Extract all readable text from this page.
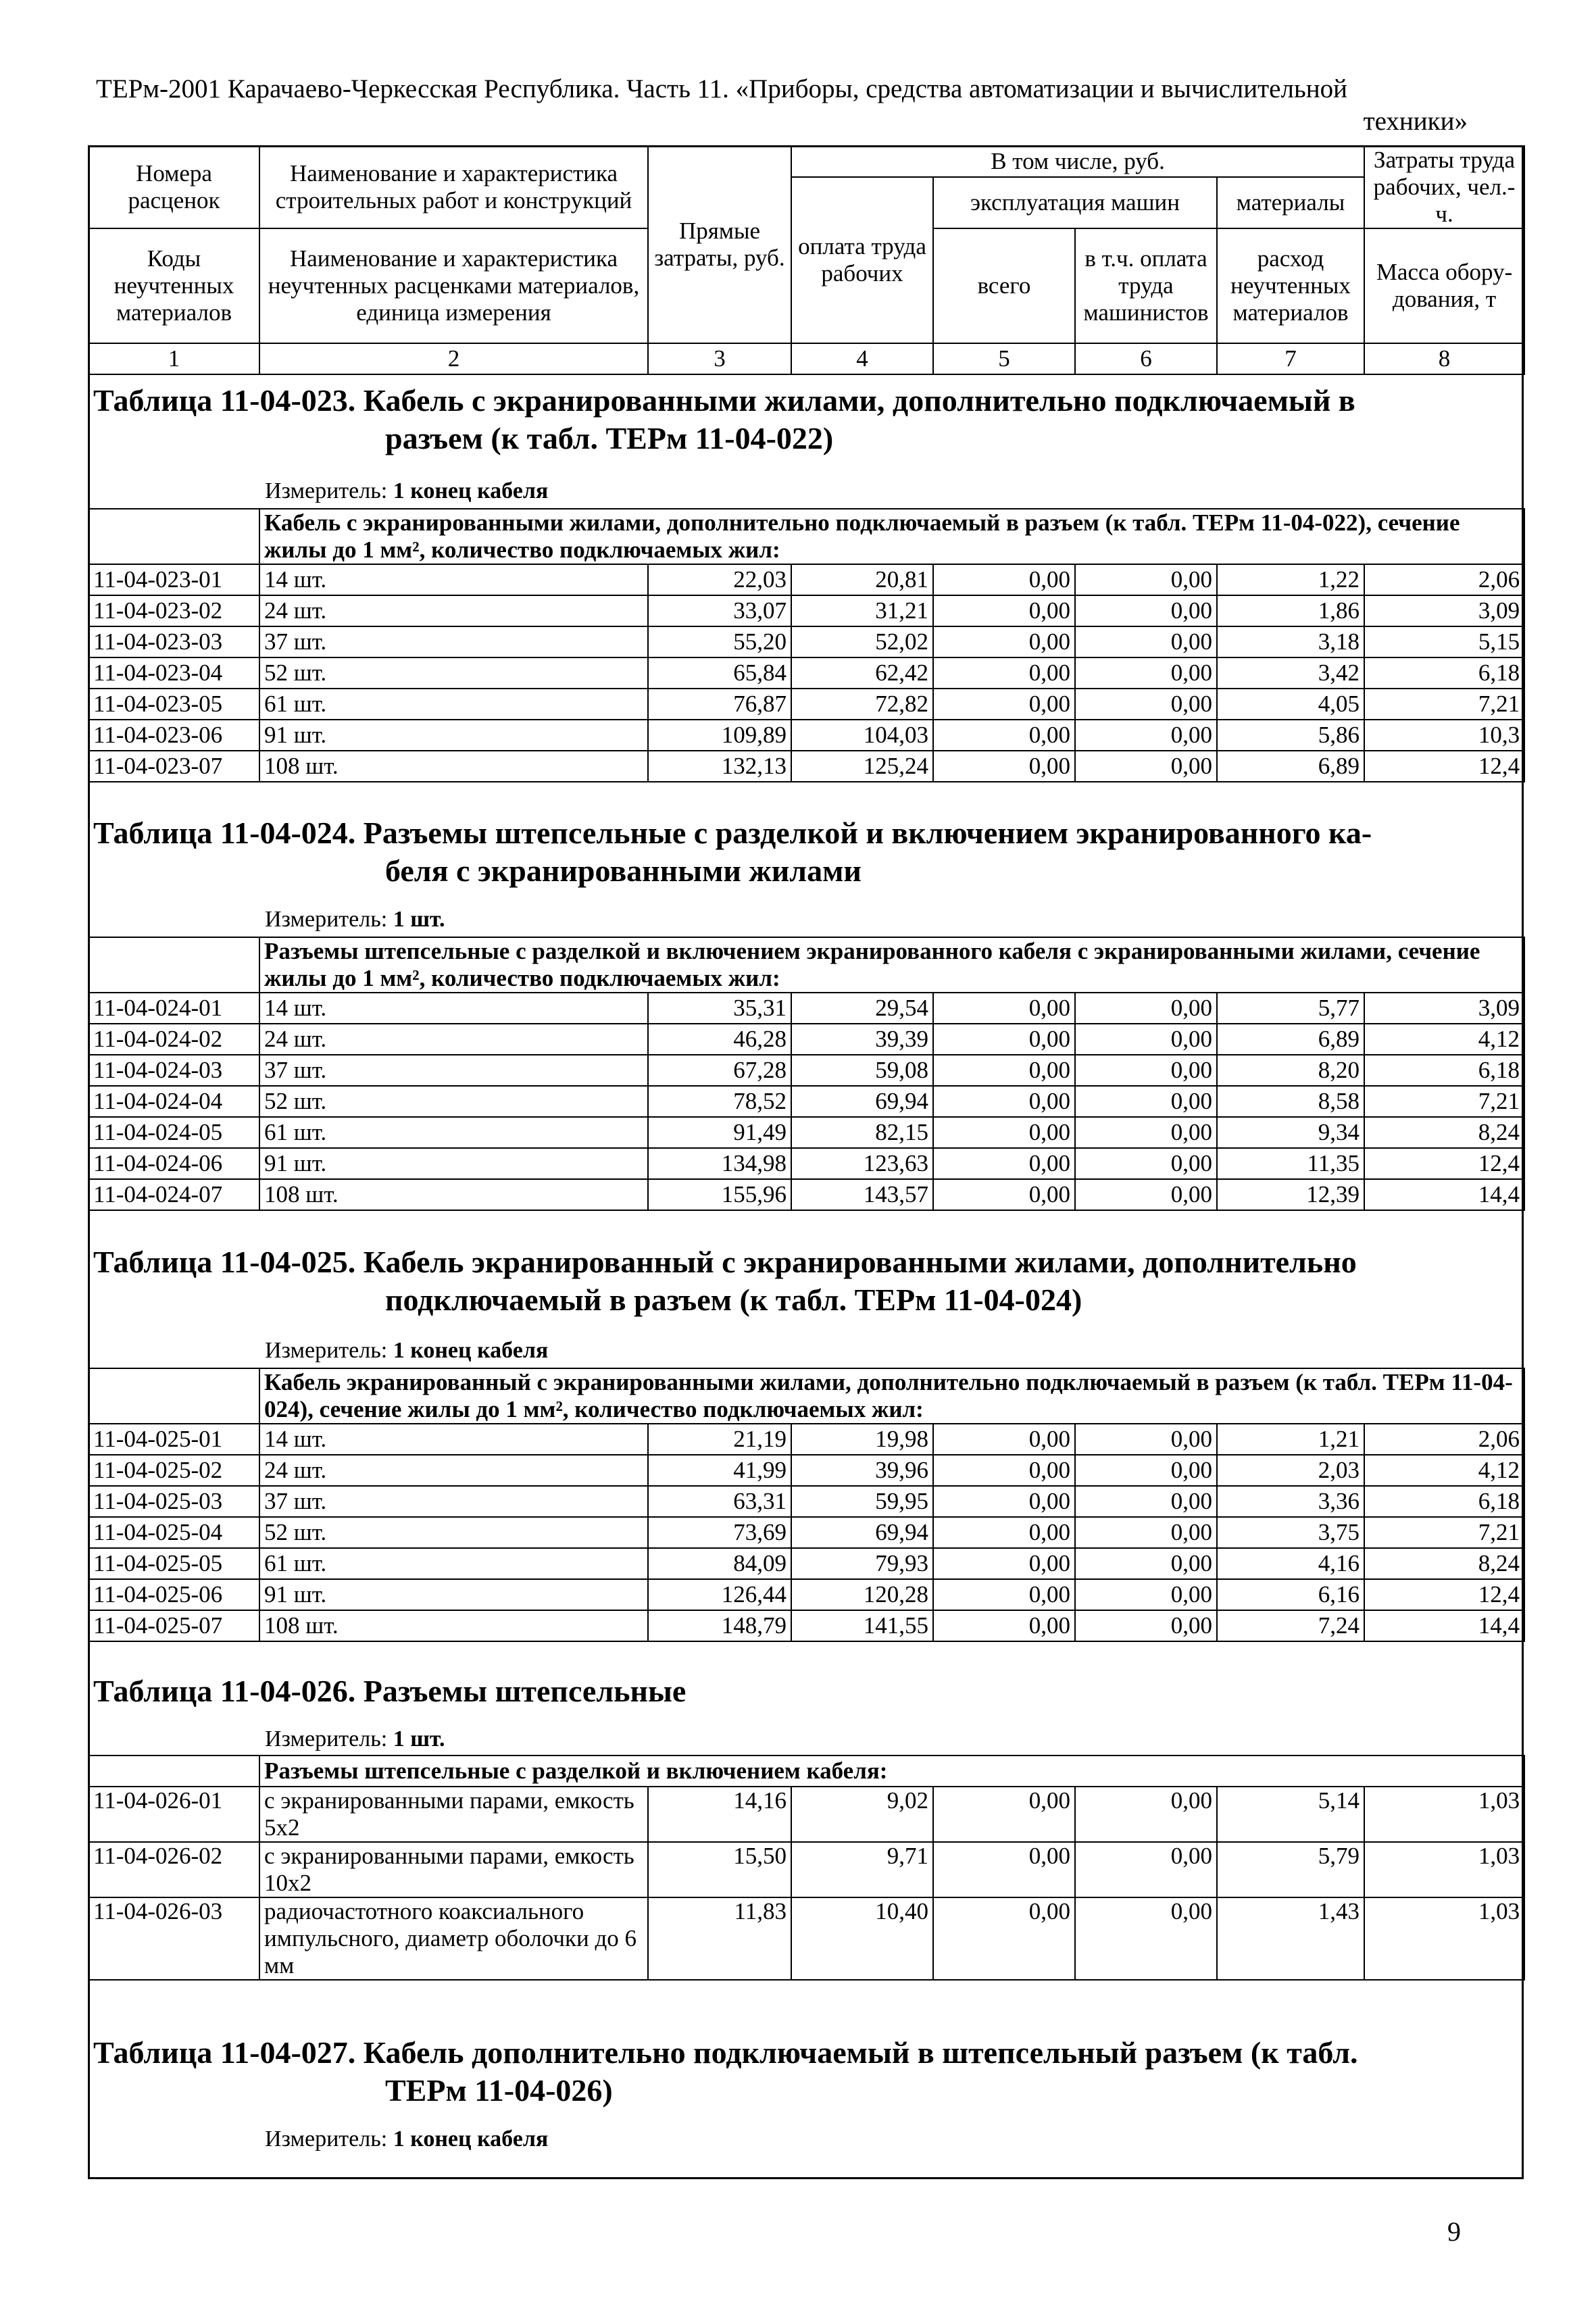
ТЕРм-2001 Карачаево-Черкесская Республика. Часть 11. «Приборы, средства автоматизации и вычислительной
техники»
Номера расценок	Наименование и характеристика строительных работ и конструкций	Прямые затраты, руб.	В том числе, руб.				Затраты труда рабочих, чел.-ч.
			оплата труда рабочих	эксплуатация машин		материалы	
Коды неучтенных материалов	Наименование и характеристика неучтенных расценками материалов, единица измерения			всего	в т.ч. оплата труда машинистов	расход неучтенных материалов	Масса обору- дования, т
1	2	3	4	5	6	7	8
Таблица 11-04-023. Кабель с экранированными жилами, дополнительно подключаемый в
разъем (к табл. ТЕРм 11-04-022)
Измеритель: 1 конец кабеля
	Кабель с экранированными жилами, дополнительно подключаемый в разъем (к табл. ТЕРм 11-04-022), сечение жилы до 1 мм², количество подключаемых жил:						
11-04-023-01	14 шт.	22,03	20,81	0,00	0,00	1,22	2,06
11-04-023-02	24 шт.	33,07	31,21	0,00	0,00	1,86	3,09
11-04-023-03	37 шт.	55,20	52,02	0,00	0,00	3,18	5,15
11-04-023-04	52 шт.	65,84	62,42	0,00	0,00	3,42	6,18
11-04-023-05	61 шт.	76,87	72,82	0,00	0,00	4,05	7,21
11-04-023-06	91 шт.	109,89	104,03	0,00	0,00	5,86	10,3
11-04-023-07	108 шт.	132,13	125,24	0,00	0,00	6,89	12,4
Таблица 11-04-024. Разъемы штепсельные с разделкой и включением экранированного ка-
беля с экранированными жилами
Измеритель: 1 шт.
	Разъемы штепсельные с разделкой и включением экранированного кабеля с экранированными жилами, сечение жилы до 1 мм², количество подключаемых жил:						
11-04-024-01	14 шт.	35,31	29,54	0,00	0,00	5,77	3,09
11-04-024-02	24 шт.	46,28	39,39	0,00	0,00	6,89	4,12
11-04-024-03	37 шт.	67,28	59,08	0,00	0,00	8,20	6,18
11-04-024-04	52 шт.	78,52	69,94	0,00	0,00	8,58	7,21
11-04-024-05	61 шт.	91,49	82,15	0,00	0,00	9,34	8,24
11-04-024-06	91 шт.	134,98	123,63	0,00	0,00	11,35	12,4
11-04-024-07	108 шт.	155,96	143,57	0,00	0,00	12,39	14,4
Таблица 11-04-025. Кабель экранированный с экранированными жилами, дополнительно
подключаемый в разъем (к табл. ТЕРм 11-04-024)
Измеритель: 1 конец кабеля
	Кабель экранированный с экранированными жилами, дополнительно подключаемый в разъем (к табл. ТЕРм 11-04-024), сечение жилы до 1 мм², количество подключаемых жил:						
11-04-025-01	14 шт.	21,19	19,98	0,00	0,00	1,21	2,06
11-04-025-02	24 шт.	41,99	39,96	0,00	0,00	2,03	4,12
11-04-025-03	37 шт.	63,31	59,95	0,00	0,00	3,36	6,18
11-04-025-04	52 шт.	73,69	69,94	0,00	0,00	3,75	7,21
11-04-025-05	61 шт.	84,09	79,93	0,00	0,00	4,16	8,24
11-04-025-06	91 шт.	126,44	120,28	0,00	0,00	6,16	12,4
11-04-025-07	108 шт.	148,79	141,55	0,00	0,00	7,24	14,4
Таблица 11-04-026. Разъемы штепсельные
Измеритель: 1 шт.
	Разъемы штепсельные с разделкой и включением кабеля:						
11-04-026-01	с экранированными парами, емкость 5х2	14,16	9,02	0,00	0,00	5,14	1,03
11-04-026-02	с экранированными парами, емкость 10х2	15,50	9,71	0,00	0,00	5,79	1,03
11-04-026-03	радиочастотного коаксиального импульсного, диаметр оболочки до 6 мм	11,83	10,40	0,00	0,00	1,43	1,03
Таблица 11-04-027. Кабель дополнительно подключаемый в штепсельный разъем (к табл.
ТЕРм 11-04-026)
Измеритель: 1 конец кабеля
9
